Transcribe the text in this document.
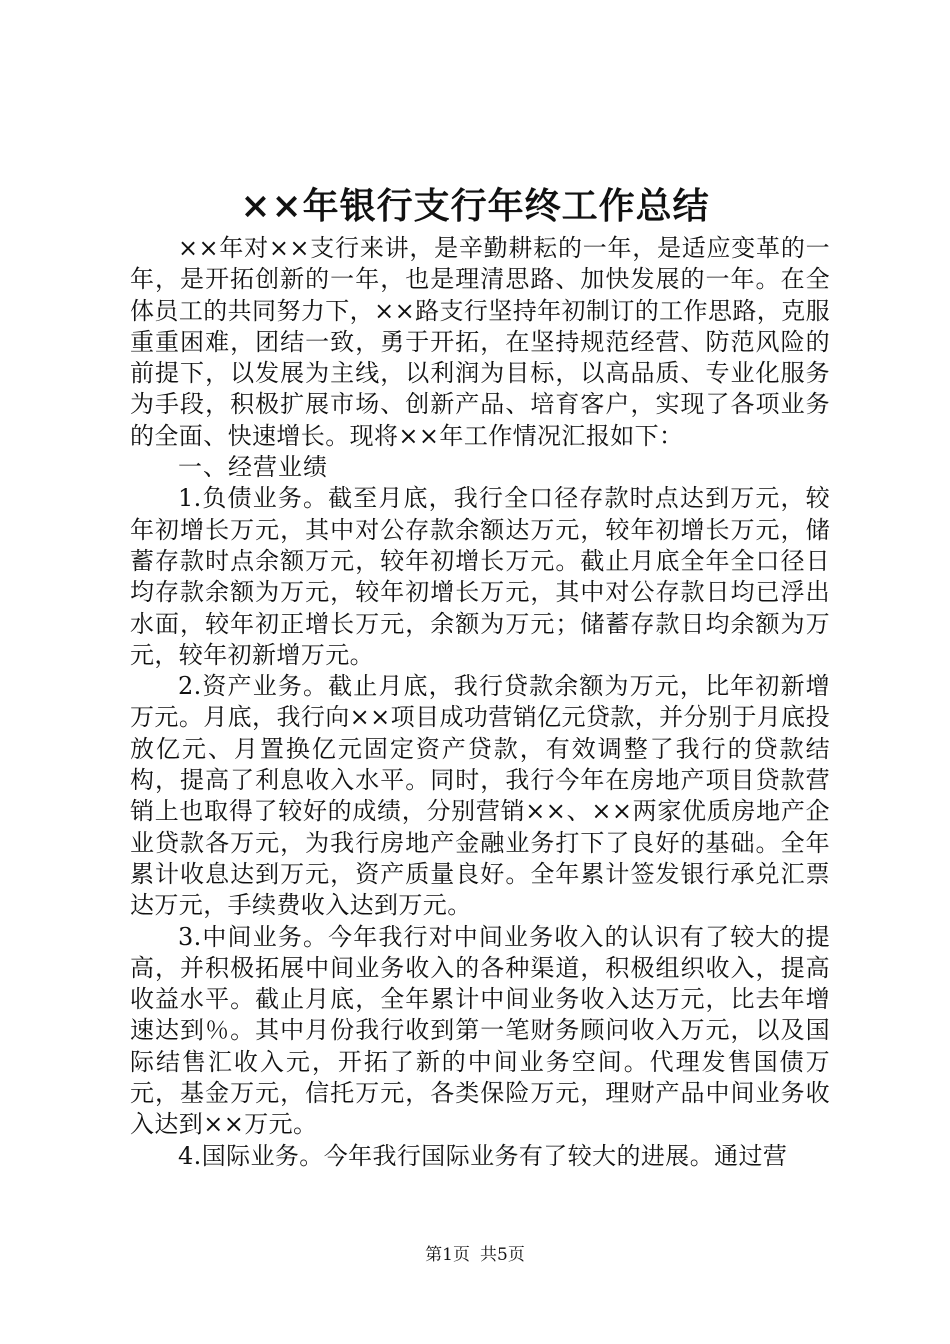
××年银行支行年终工作总结

××年对××支行来讲，是辛勤耕耘的一年，是适应变革的一年，是开拓创新的一年，也是理清思路、加快发展的一年。在全体员工的共同努力下，××路支行坚持年初制订的工作思路，克服重重困难，团结一致，勇于开拓，在坚持规范经营、防范风险的前提下，以发展为主线，以利润为目标，以高品质、专业化服务为手段，积极扩展市场、创新产品、培育客户，实现了各项业务的全面、快速增长。现将××年工作情况汇报如下：

一、经营业绩

1.负债业务。截至月底，我行全口径存款时点达到万元，较年初增长万元，其中对公存款余额达万元，较年初增长万元，储蓄存款时点余额万元，较年初增长万元。截止月底全年全口径日均存款余额为万元，较年初增长万元，其中对公存款日均已浮出水面，较年初正增长万元，余额为万元；储蓄存款日均余额为万元，较年初新增万元。

2.资产业务。截止月底，我行贷款余额为万元，比年初新增万元。月底，我行向××项目成功营销亿元贷款，并分别于月底投放亿元、月置换亿元固定资产贷款，有效调整了我行的贷款结构，提高了利息收入水平。同时，我行今年在房地产项目贷款营销上也取得了较好的成绩，分别营销××、××两家优质房地产企业贷款各万元，为我行房地产金融业务打下了良好的基础。全年累计收息达到万元，资产质量良好。全年累计签发银行承兑汇票达万元，手续费收入达到万元。

3.中间业务。今年我行对中间业务收入的认识有了较大的提高，并积极拓展中间业务收入的各种渠道，积极组织收入，提高收益水平。截止月底，全年累计中间业务收入达万元，比去年增速达到％。其中月份我行收到第一笔财务顾问收入万元，以及国际结售汇收入元，开拓了新的中间业务空间。代理发售国债万元，基金万元，信托万元，各类保险万元，理财产品中间业务收入达到××万元。

4.国际业务。今年我行国际业务有了较大的进展。通过营

第1页 共5页
